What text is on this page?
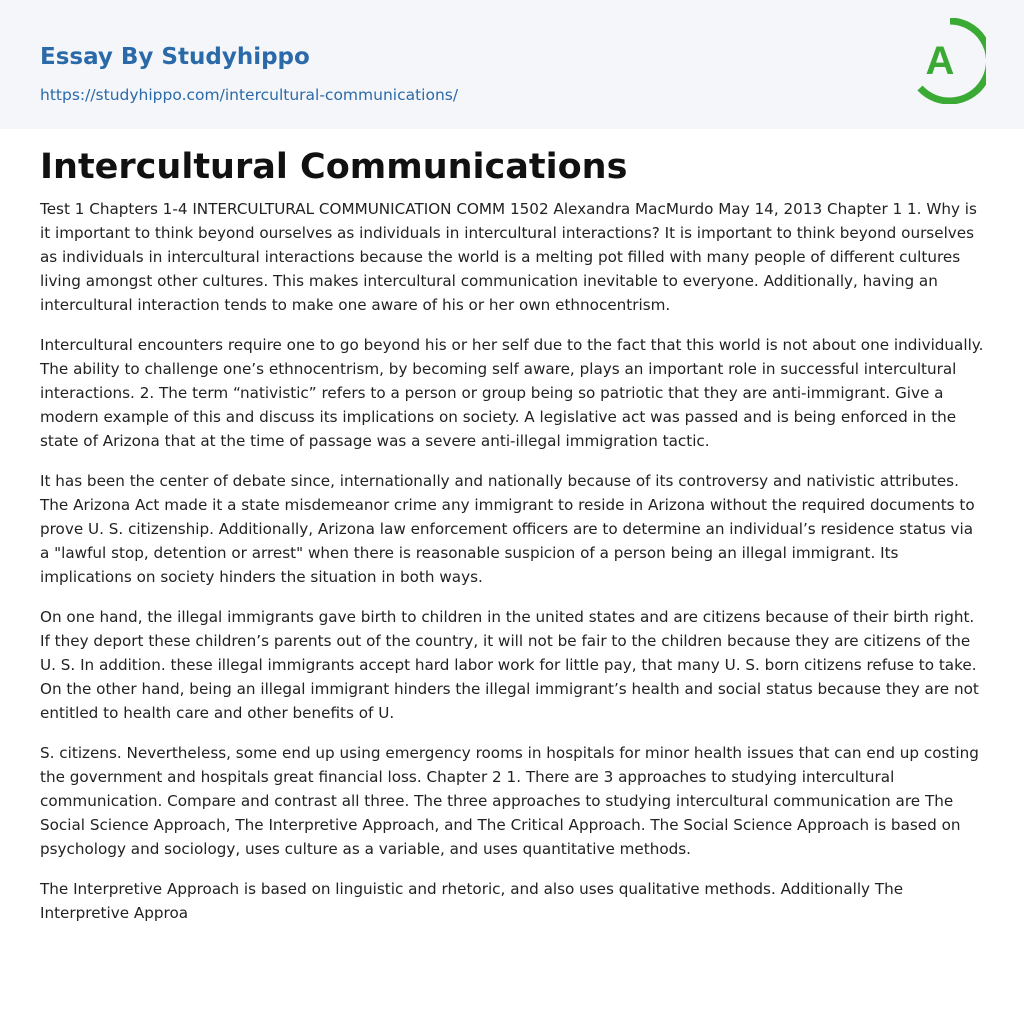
Essay By Studyhippo
https://studyhippo.com/intercultural-communications/
A
Intercultural Communications

Test 1 Chapters 1-4 INTERCULTURAL COMMUNICATION COMM 1502 Alexandra MacMurdo May 14, 2013 Chapter 1 1. Why is it important to think beyond ourselves as individuals in intercultural interactions? It is important to think beyond ourselves as individuals in intercultural interactions because the world is a melting pot filled with many people of different cultures living amongst other cultures. This makes intercultural communication inevitable to everyone. Additionally, having an intercultural interaction tends to make one aware of his or her own ethnocentrism.

Intercultural encounters require one to go beyond his or her self due to the fact that this world is not about one individually. The ability to challenge one’s ethnocentrism, by becoming self aware, plays an important role in successful intercultural interactions. 2. The term “nativistic” refers to a person or group being so patriotic that they are anti-immigrant. Give a modern example of this and discuss its implications on society. A legislative act was passed and is being enforced in the state of Arizona that at the time of passage was a severe anti-illegal immigration tactic.

It has been the center of debate since, internationally and nationally because of its controversy and nativistic attributes. The Arizona Act made it a state misdemeanor crime any immigrant to reside in Arizona without the required documents to prove U. S. citizenship. Additionally, Arizona law enforcement officers are to determine an individual’s residence status via a "lawful stop, detention or arrest" when there is reasonable suspicion of a person being an illegal immigrant. Its implications on society hinders the situation in both ways.

On one hand, the illegal immigrants gave birth to children in the united states and are citizens because of their birth right. If they deport these children’s parents out of the country, it will not be fair to the children because they are citizens of the U. S. In addition. these illegal immigrants accept hard labor work for little pay, that many U. S. born citizens refuse to take. On the other hand, being an illegal immigrant hinders the illegal immigrant’s health and social status because they are not entitled to health care and other benefits of U.

S. citizens. Nevertheless, some end up using emergency rooms in hospitals for minor health issues that can end up costing the government and hospitals great financial loss. Chapter 2 1. There are 3 approaches to studying intercultural communication. Compare and contrast all three. The three approaches to studying intercultural communication are The Social Science Approach, The Interpretive Approach, and The Critical Approach. The Social Science Approach is based on psychology and sociology, uses culture as a variable, and uses quantitative methods.

The Interpretive Approach is based on linguistic and rhetoric, and also uses qualitative methods. Additionally The Interpretive Approa
